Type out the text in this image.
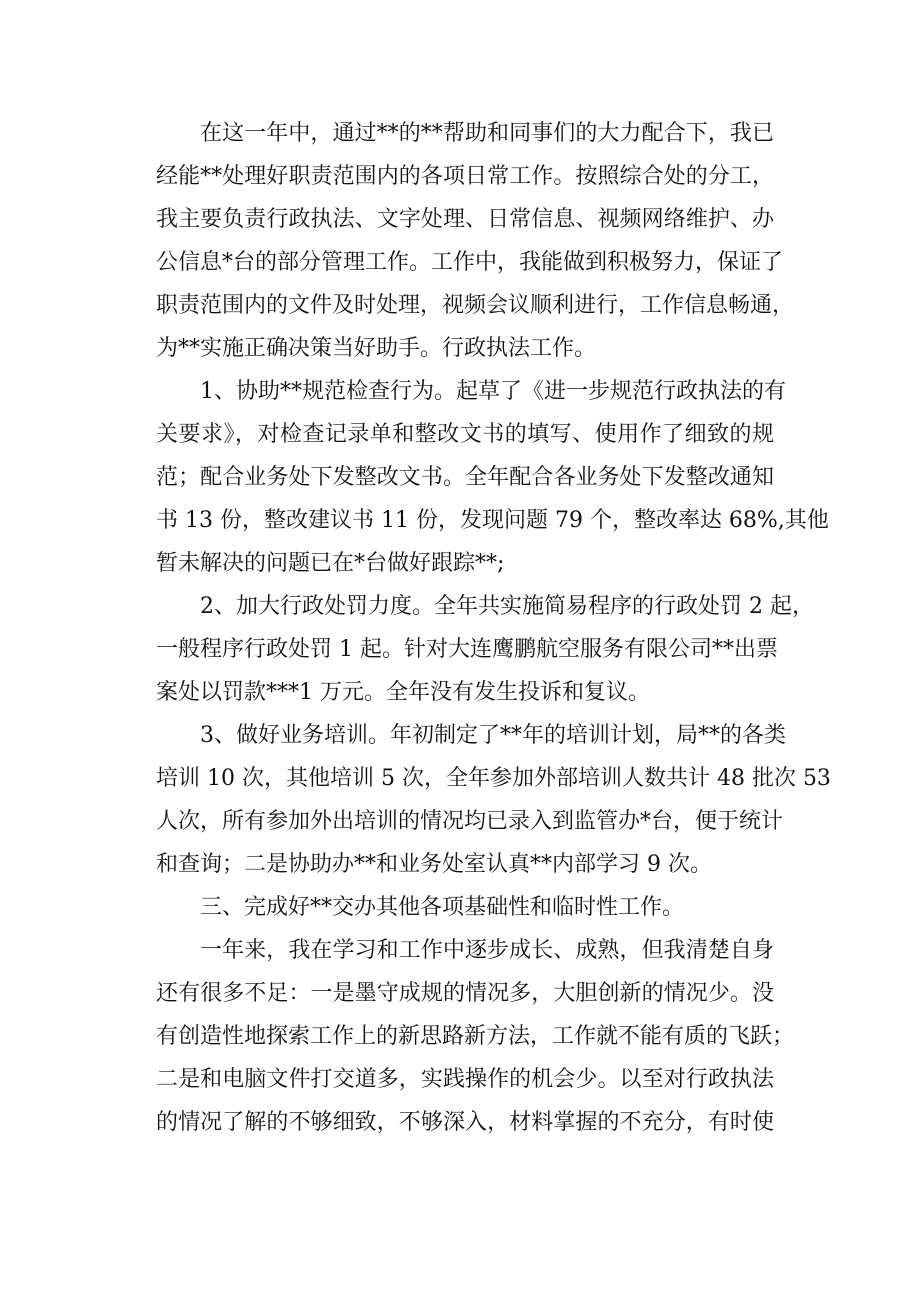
在这一年中，通过**的**帮助和同事们的大力配合下，我已
经能**处理好职责范围内的各项日常工作。按照综合处的分工，
我主要负责行政执法、文字处理、日常信息、视频网络维护、办
公信息*台的部分管理工作。工作中，我能做到积极努力，保证了
职责范围内的文件及时处理，视频会议顺利进行，工作信息畅通，
为**实施正确决策当好助手。行政执法工作。
1、协助**规范检查行为。起草了《进一步规范行政执法的有
关要求》，对检查记录单和整改文书的填写、使用作了细致的规
范；配合业务处下发整改文书。全年配合各业务处下发整改通知
书 13 份，整改建议书 11 份，发现问题 79 个，整改率达 68%,其他
暂未解决的问题已在*台做好跟踪**;
2、加大行政处罚力度。全年共实施简易程序的行政处罚 2 起，
一般程序行政处罚 1 起。针对大连鹰鹏航空服务有限公司**出票
案处以罚款***1 万元。全年没有发生投诉和复议。
3、做好业务培训。年初制定了**年的培训计划，局**的各类
培训 10 次，其他培训 5 次，全年参加外部培训人数共计 48 批次 53
人次，所有参加外出培训的情况均已录入到监管办*台，便于统计
和查询；二是协助办**和业务处室认真**内部学习 9 次。
三、完成好**交办其他各项基础性和临时性工作。
一年来，我在学习和工作中逐步成长、成熟，但我清楚自身
还有很多不足：一是墨守成规的情况多，大胆创新的情况少。没
有创造性地探索工作上的新思路新方法，工作就不能有质的飞跃；
二是和电脑文件打交道多，实践操作的机会少。以至对行政执法
的情况了解的不够细致，不够深入，材料掌握的不充分，有时使
